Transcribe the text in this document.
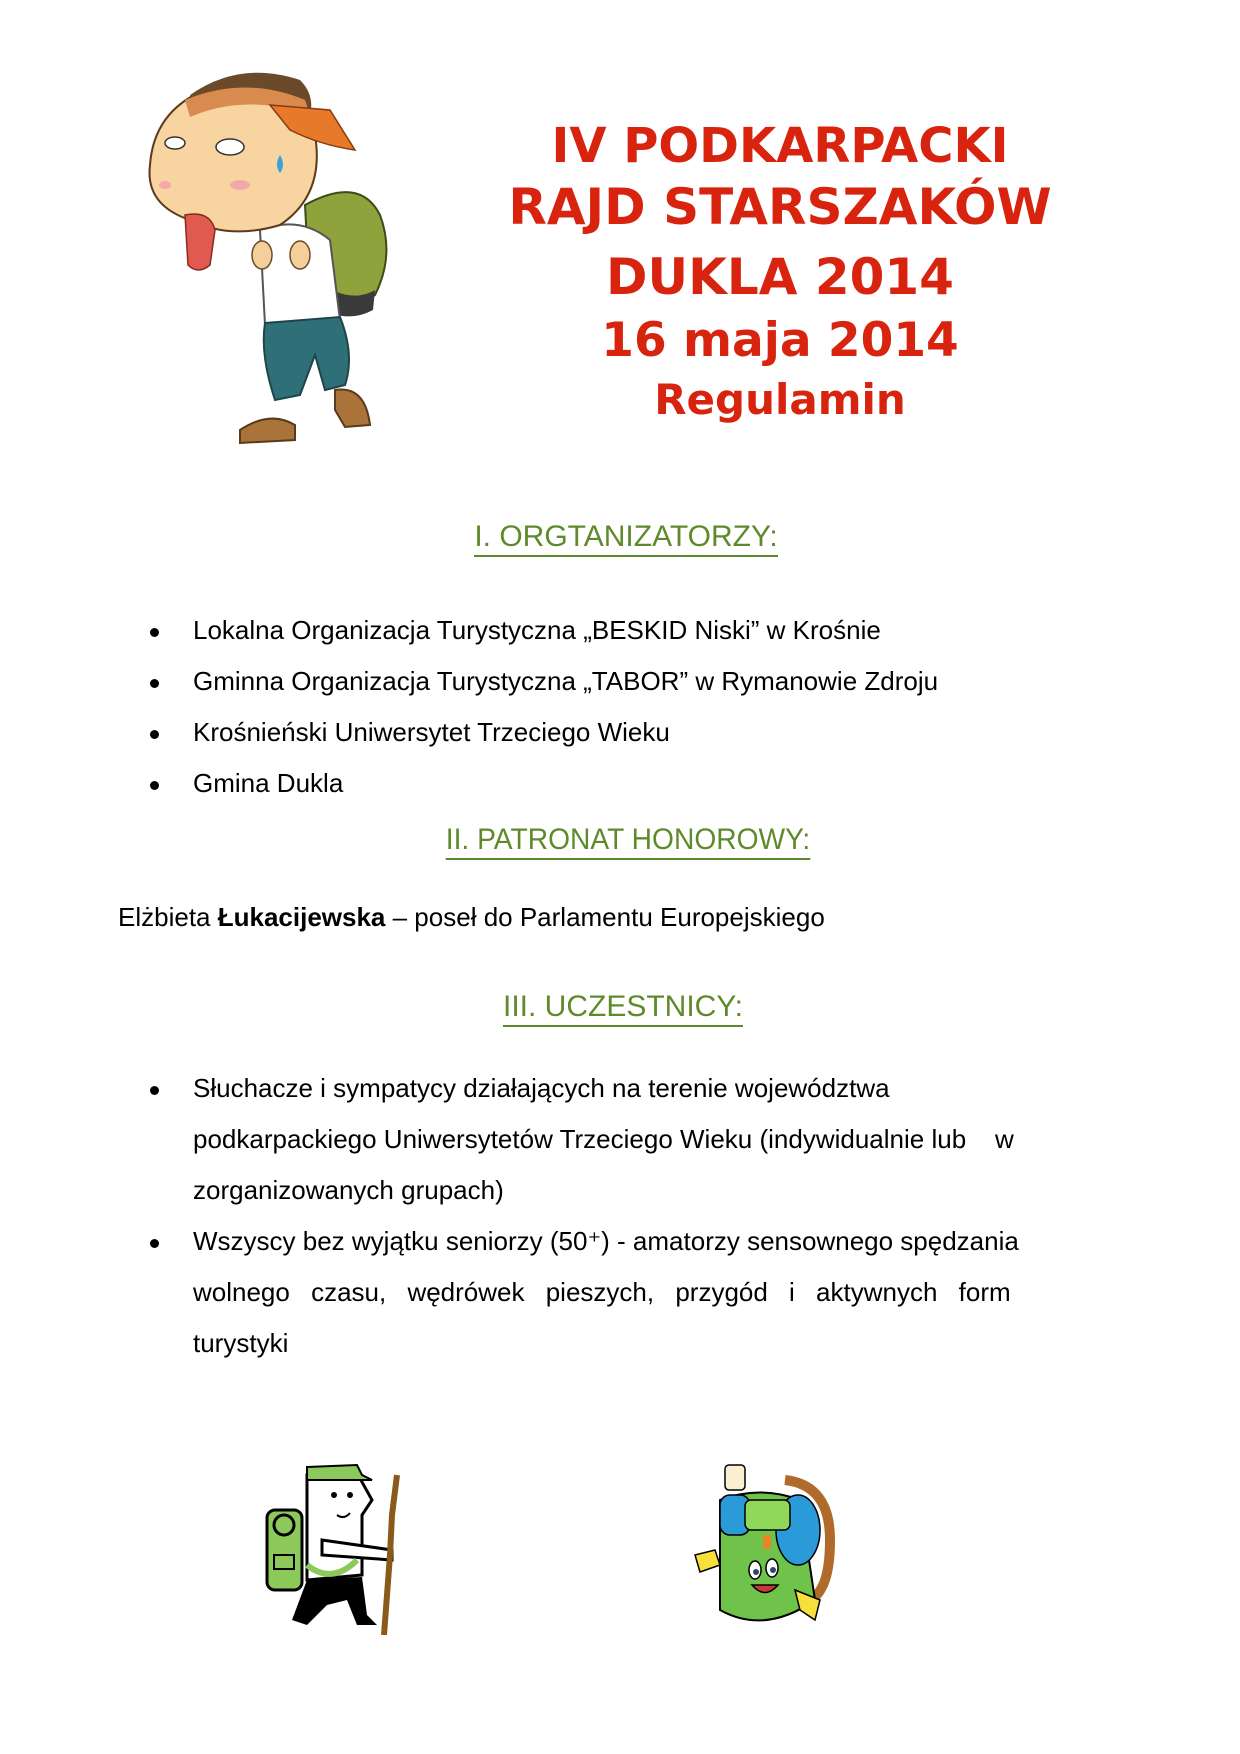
IV PODKARPACKI
RAJD STARSZAKÓW
DUKLA 2014
16 maja 2014
Regulamin
I. ORGTANIZATORZY:
Lokalna Organizacja Turystyczna „BESKID Niski” w Krośnie
Gminna Organizacja Turystyczna „TABOR” w Rymanowie Zdroju
Krośnieński Uniwersytet Trzeciego Wieku
Gmina Dukla
II. PATRONAT HONOROWY:
Elżbieta Łukacijewska – poseł do Parlamentu Europejskiego
III. UCZESTNICY:
Słuchacze i sympatycy działających na terenie województwa
podkarpackiego Uniwersytetów Trzeciego Wieku (indywidualnie lub    w
zorganizowanych grupach)
Wszyscy bez wyjątku seniorzy (50⁺) - amatorzy sensownego spędzania
wolnego czasu, wędrówek pieszych, przygód i aktywnych form
turystyki
